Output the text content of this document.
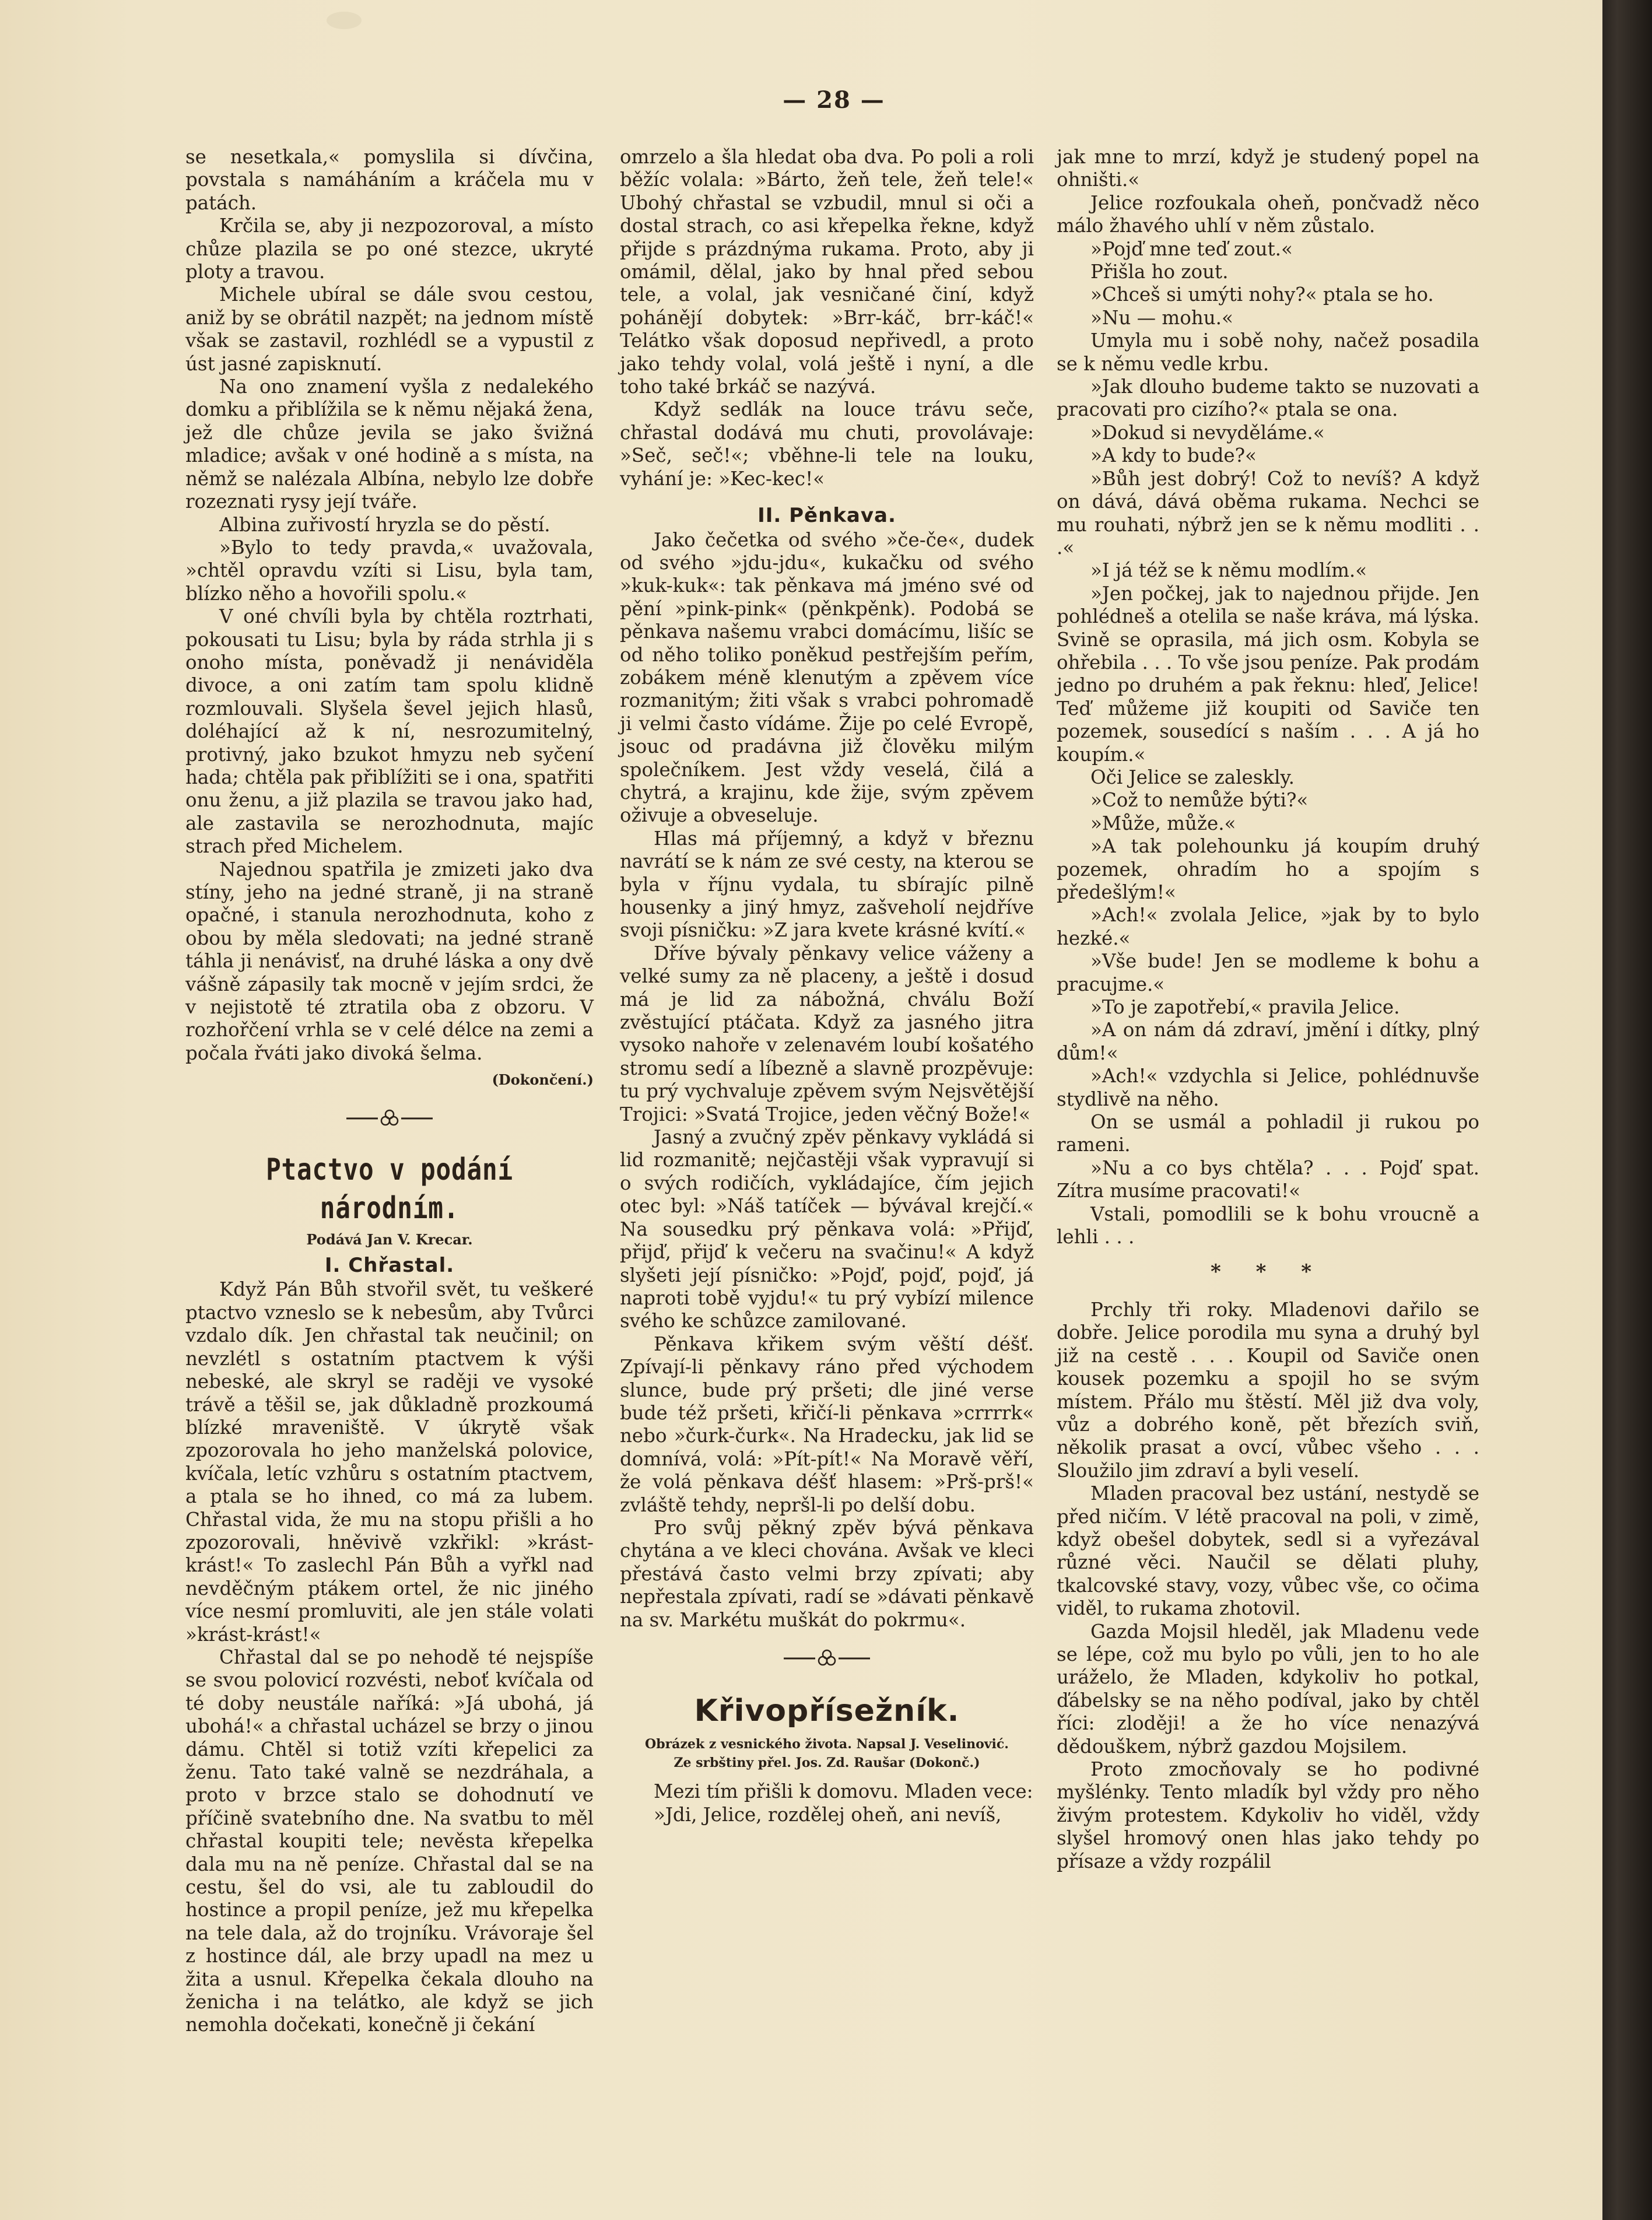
— 28 —

se nesetkala,« pomyslila si dívčina, povstala s namáháním a kráčela mu v patách.

Krčila se, aby ji nezpozoroval, a místo chůze plazila se po oné stezce, ukryté ploty a travou.

Michele ubíral se dále svou cestou, aniž by se obrátil nazpět; na jednom místě však se zastavil, rozhlédl se a vypustil z úst jasné zapisknutí.

Na ono znamení vyšla z nedalekého domku a přiblížila se k němu nějaká žena, jež dle chůze jevila se jako švižná mladice; avšak v oné hodině a s místa, na němž se nalézala Albína, nebylo lze dobře rozeznati rysy její tváře.

Albina zuřivostí hryzla se do pěstí.

»Bylo to tedy pravda,« uvažovala, »chtěl opravdu vzíti si Lisu, byla tam, blízko něho a hovořili spolu.«

V oné chvíli byla by chtěla roztrhati, pokousati tu Lisu; byla by ráda strhla ji s onoho místa, poněvadž ji nenáviděla divoce, a oni zatím tam spolu klidně rozmlouvali. Slyšela ševel jejich hlasů, doléhající až k ní, nesrozumitelný, protivný, jako bzukot hmyzu neb syčení hada; chtěla pak přiblížiti se i ona, spatřiti onu ženu, a již plazila se travou jako had, ale zastavila se nerozhodnuta, majíc strach před Michelem.

Najednou spatřila je zmizeti jako dva stíny, jeho na jedné straně, ji na straně opačné, i stanula nerozhodnuta, koho z obou by měla sledovati; na jedné straně táhla ji nenávisť, na druhé láska a ony dvě vášně zápasily tak mocně v jejím srdci, že v nejistotě té ztratila oba z obzoru. V rozhořčení vrhla se v celé délce na zemi a počala řváti jako divoká šelma.

(Dokončení.)
Ptactvo v podání národním.
Podává Jan V. Krecar.
I. Chřastal.

Když Pán Bůh stvořil svět, tu veškeré ptactvo vzneslo se k nebesům, aby Tvůrci vzdalo dík. Jen chřastal tak neučinil; on nevzlétl s ostatním ptactvem k výši nebeské, ale skryl se raději ve vysoké trávě a těšil se, jak důkladně prozkoumá blízké mraveniště. V úkrytě však zpozorovala ho jeho manželská polovice, kvíčala, letíc vzhůru s ostatním ptactvem, a ptala se ho ihned, co má za lubem. Chřastal vida, že mu na stopu přišli a ho zpozorovali, hněvivě vzkřikl: »krást-krást!« To zaslechl Pán Bůh a vyřkl nad nevděčným ptákem ortel, že nic jiného více nesmí promluviti, ale jen stále volati »krást-krást!«

Chřastal dal se po nehodě té nejspíše se svou polovicí rozvésti, neboť kvíčala od té doby neustále naříká: »Já ubohá, já ubohá!« a chřastal ucházel se brzy o jinou dámu. Chtěl si totiž vzíti křepelici za ženu. Tato také valně se nezdráhala, a proto v brzce stalo se dohodnutí ve příčině svatebního dne. Na svatbu to měl chřastal koupiti tele; nevěsta křepelka dala mu na ně peníze. Chřastal dal se na cestu, šel do vsi, ale tu zabloudil do hostince a propil peníze, jež mu křepelka na tele dala, až do trojníku. Vrávoraje šel z hostince dál, ale brzy upadl na mez u žita a usnul. Křepelka čekala dlouho na ženicha i na telátko, ale když se jich nemohla dočekati, konečně ji čekání

omrzelo a šla hledat oba dva. Po poli a roli běžíc volala: »Bárto, žeň tele, žeň tele!« Ubohý chřastal se vzbudil, mnul si oči a dostal strach, co asi křepelka řekne, když přijde s prázdnýma rukama. Proto, aby ji omámil, dělal, jako by hnal před sebou tele, a volal, jak vesničané činí, když pohánějí dobytek: »Brr-káč, brr-káč!« Telátko však doposud nepřivedl, a proto jako tehdy volal, volá ještě i nyní, a dle toho také brkáč se nazývá.

Když sedlák na louce trávu seče, chřastal dodává mu chuti, provolávaje: »Seč, seč!«; vběhne-li tele na louku, vyhání je: »Kec-kec!«

II. Pěnkava.

Jako čečetka od svého »če-če«, dudek od svého »jdu-jdu«, kukačku od svého »kuk-kuk«: tak pěnkava má jméno své od pění »pink-pink« (pěnkpěnk). Podobá se pěnkava našemu vrabci domácímu, lišíc se od něho toliko poněkud pestřejším peřím, zobákem méně klenutým a zpěvem více rozmanitým; žiti však s vrabci pohromadě ji velmi často vídáme. Žije po celé Evropě, jsouc od pradávna již člověku milým společníkem. Jest vždy veselá, čilá a chytrá, a krajinu, kde žije, svým zpěvem oživuje a obveseluje.

Hlas má příjemný, a když v březnu navrátí se k nám ze své cesty, na kterou se byla v říjnu vydala, tu sbírajíc pilně housenky a jiný hmyz, zašveholí nejdříve svoji písničku: »Z jara kvete krásné kvítí.«

Dříve bývaly pěnkavy velice váženy a velké sumy za ně placeny, a ještě i dosud má je lid za nábožná, chválu Boží zvěstující ptáčata. Když za jasného jitra vysoko nahoře v zelenavém loubí košatého stromu sedí a líbezně a slavně prozpěvuje: tu prý vychvaluje zpěvem svým Nejsvětější Trojici: »Svatá Trojice, jeden věčný Bože!«

Jasný a zvučný zpěv pěnkavy vykládá si lid rozmanitě; nejčastěji však vypravují si o svých rodičích, vykládajíce, čím jejich otec byl: »Náš tatíček — bývával krejčí.« Na sousedku prý pěnkava volá: »Přijď, přijď, přijď k večeru na svačinu!« A když slyšeti její písničko: »Pojď, pojď, pojď, já naproti tobě vyjdu!« tu prý vybízí milence svého ke schůzce zamilované.

Pěnkava křikem svým věští déšť. Zpívají-li pěnkavy ráno před východem slunce, bude prý pršeti; dle jiné verse bude též pršeti, křičí-li pěnkava »crrrrk« nebo »čurk-čurk«. Na Hradecku, jak lid se domnívá, volá: »Pít-pít!« Na Moravě věří, že volá pěnkava déšť hlasem: »Prš-prš!« zvláště tehdy, nepršl-li po delší dobu.

Pro svůj pěkný zpěv bývá pěnkava chytána a ve kleci chována. Avšak ve kleci přestává často velmi brzy zpívati; aby nepřestala zpívati, radí se »dávati pěnkavě na sv. Markétu muškát do pokrmu«.

Křivopřísežník.
Obrázek z vesnického života. Napsal J. Veselinović.
Ze srbštiny přel. Jos. Zd. Raušar (Dokonč.)

Mezi tím přišli k domovu. Mladen vece:

»Jdi, Jelice, rozdělej oheň, ani nevíš,

jak mne to mrzí, když je studený popel na ohništi.«

Jelice rozfoukala oheň, pončvadž něco málo žhavého uhlí v něm zůstalo.

»Pojď mne teď zout.«

Přišla ho zout.

»Chceš si umýti nohy?« ptala se ho.

»Nu — mohu.«

Umyla mu i sobě nohy, načež posadila se k němu vedle krbu.

»Jak dlouho budeme takto se nuzovati a pracovati pro cizího?« ptala se ona.

»Dokud si nevyděláme.«

»A kdy to bude?«

»Bůh jest dobrý! Což to nevíš? A když on dává, dává oběma rukama. Nechci se mu rouhati, nýbrž jen se k němu modliti . . .«

»I já též se k němu modlím.«

»Jen počkej, jak to najednou přijde. Jen pohlédneš a otelila se naše kráva, má lýska. Svině se oprasila, má jich osm. Kobyla se ohřebila . . . To vše jsou peníze. Pak prodám jedno po druhém a pak řeknu: hleď, Jelice! Teď můžeme již koupiti od Saviče ten pozemek, sousedící s naším . . . A já ho koupím.«

Oči Jelice se zaleskly.

»Což to nemůže býti?«

»Může, může.«

»A tak polehounku já koupím druhý pozemek, ohradím ho a spojím s předešlým!«

»Ach!« zvolala Jelice, »jak by to bylo hezké.«

»Vše bude! Jen se modleme k bohu a pracujme.«

»To je zapotřebí,« pravila Jelice.

»A on nám dá zdraví, jmění i dítky, plný dům!«

»Ach!« vzdychla si Jelice, pohlédnuvše stydlivě na něho.

On se usmál a pohladil ji rukou po rameni.

»Nu a co bys chtěla? . . . Pojď spat. Zítra musíme pracovati!«

Vstali, pomodlili se k bohu vroucně a lehli . . .

* * *

Prchly tři roky. Mladenovi dařilo se dobře. Jelice porodila mu syna a druhý byl již na cestě . . . Koupil od Saviče onen kousek pozemku a spojil ho se svým místem. Přálo mu štěstí. Měl již dva voly, vůz a dobrého koně, pět březích sviň, několik prasat a ovcí, vůbec všeho . . . Sloužilo jim zdraví a byli veselí.

Mladen pracoval bez ustání, nestydě se před ničím. V létě pracoval na poli, v zimě, když obešel dobytek, sedl si a vyřezával různé věci. Naučil se dělati pluhy, tkalcovské stavy, vozy, vůbec vše, co očima viděl, to rukama zhotovil.

Gazda Mojsil hleděl, jak Mladenu vede se lépe, což mu bylo po vůli, jen to ho ale uráželo, že Mladen, kdykoliv ho potkal, ďábelsky se na něho podíval, jako by chtěl říci: zloději! a že ho více nenazývá dědouškem, nýbrž gazdou Mojsilem.

Proto zmocňovaly se ho podivné myšlénky. Tento mladík byl vždy pro něho živým protestem. Kdykoliv ho viděl, vždy slyšel hromový onen hlas jako tehdy po přísaze a vždy rozpálil
